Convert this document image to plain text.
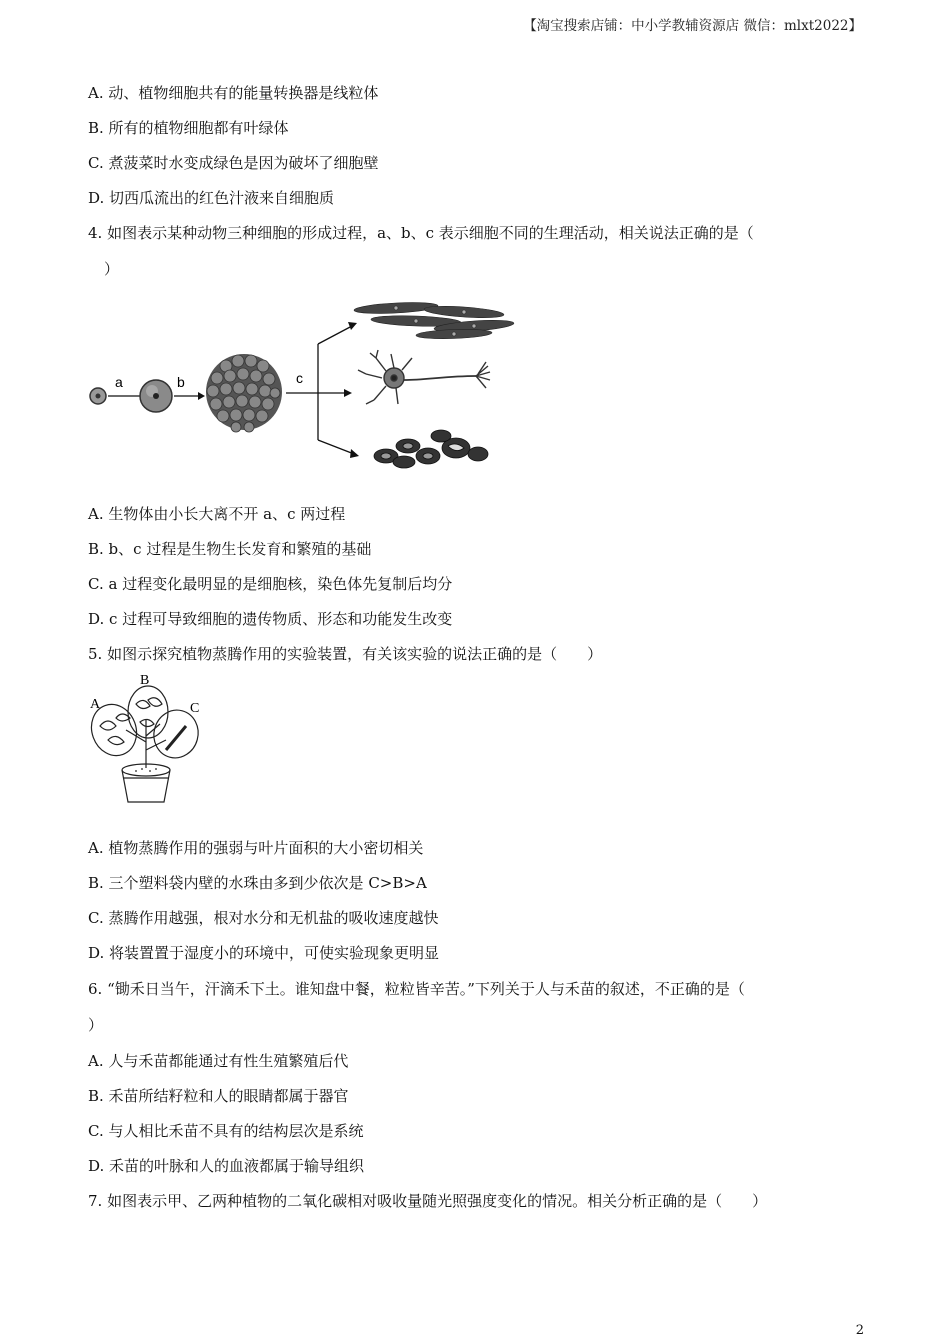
【淘宝搜索店铺：中小学教辅资源店 微信：mlxt2022】
A. 动、植物细胞共有的能量转换器是线粒体
B. 所有的植物细胞都有叶绿体
C. 煮菠菜时水变成绿色是因为破坏了细胞壁
D. 切西瓜流出的红色汁液来自细胞质
4. 如图表示某种动物三种细胞的形成过程，a、b、c 表示细胞不同的生理活动，相关说法正确的是（
）
a	b	c
A. 生物体由小长大离不开 a、c 两过程
B. b、c 过程是生物生长发育和繁殖的基础
C. a 过程变化最明显的是细胞核，染色体先复制后均分
D. c 过程可导致细胞的遗传物质、形态和功能发生改变
5. 如图示探究植物蒸腾作用的实验装置，有关该实验的说法正确的是（　　）
A
B
C
A. 植物蒸腾作用的强弱与叶片面积的大小密切相关
B. 三个塑料袋内壁的水珠由多到少依次是 C>B>A
C. 蒸腾作用越强，根对水分和无机盐的吸收速度越快
D. 将装置置于湿度小的环境中，可使实验现象更明显
6. “锄禾日当午，汗滴禾下土。谁知盘中餐，粒粒皆辛苦。”下列关于人与禾苗的叙述，不正确的是（
）
A. 人与禾苗都能通过有性生殖繁殖后代
B. 禾苗所结籽粒和人的眼睛都属于器官
C. 与人相比禾苗不具有的结构层次是系统
D. 禾苗的叶脉和人的血液都属于输导组织
7. 如图表示甲、乙两种植物的二氧化碳相对吸收量随光照强度变化的情况。相关分析正确的是（　　）
2
